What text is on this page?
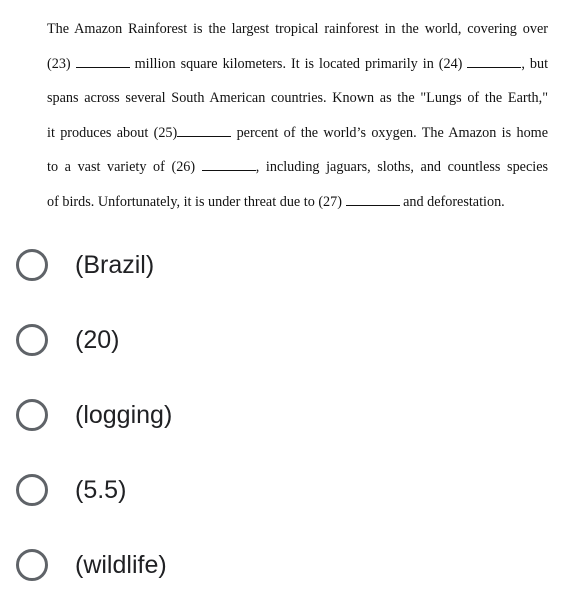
The Amazon Rainforest is the largest tropical rainforest in the world, covering over
(23)	million square kilometers. It is located primarily in (24)	, but
spans across several South American countries. Known as the "Lungs of the Earth,"
it produces about (25)	percent of the world’s oxygen. The Amazon is home
to a vast variety of (26)	, including jaguars, sloths, and countless species
of birds. Unfortunately, it is under threat due to (27)	and deforestation.
(Brazil)
(20)
(logging)
(5.5)
(wildlife)
